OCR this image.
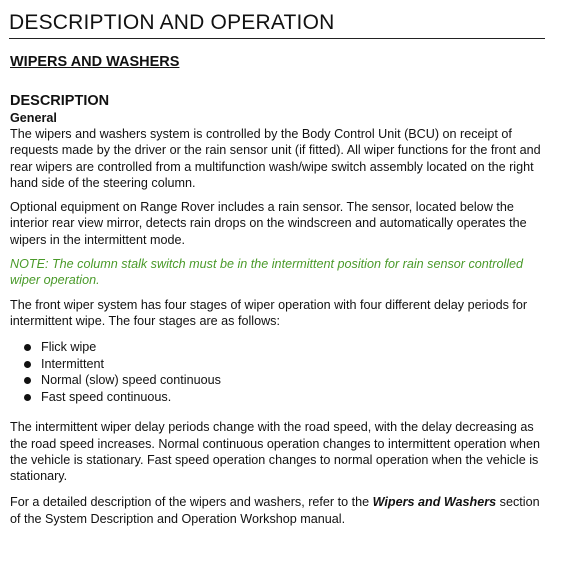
DESCRIPTION AND OPERATION
WIPERS AND WASHERS
DESCRIPTION
General

The wipers and washers system is controlled by the Body Control Unit (BCU) on receipt of requests made by the driver or the rain sensor unit (if fitted). All wiper functions for the front and rear wipers are controlled from a multifunction wash/wipe switch assembly located on the right hand side of the steering column.

Optional equipment on Range Rover includes a rain sensor. The sensor, located below the interior rear view mirror, detects rain drops on the windscreen and automatically operates the wipers in the intermittent mode.

NOTE: The column stalk switch must be in the intermittent position for rain sensor controlled wiper operation.

The front wiper system has four stages of wiper operation with four different delay periods for intermittent wipe. The four stages are as follows:

Flick wipe
Intermittent
Normal (slow) speed continuous
Fast speed continuous.

The intermittent wiper delay periods change with the road speed, with the delay decreasing as the road speed increases. Normal continuous operation changes to intermittent operation when the vehicle is stationary. Fast speed operation changes to normal operation when the vehicle is stationary.

For a detailed description of the wipers and washers, refer to the Wipers and Washers section of the System Description and Operation Workshop manual.
